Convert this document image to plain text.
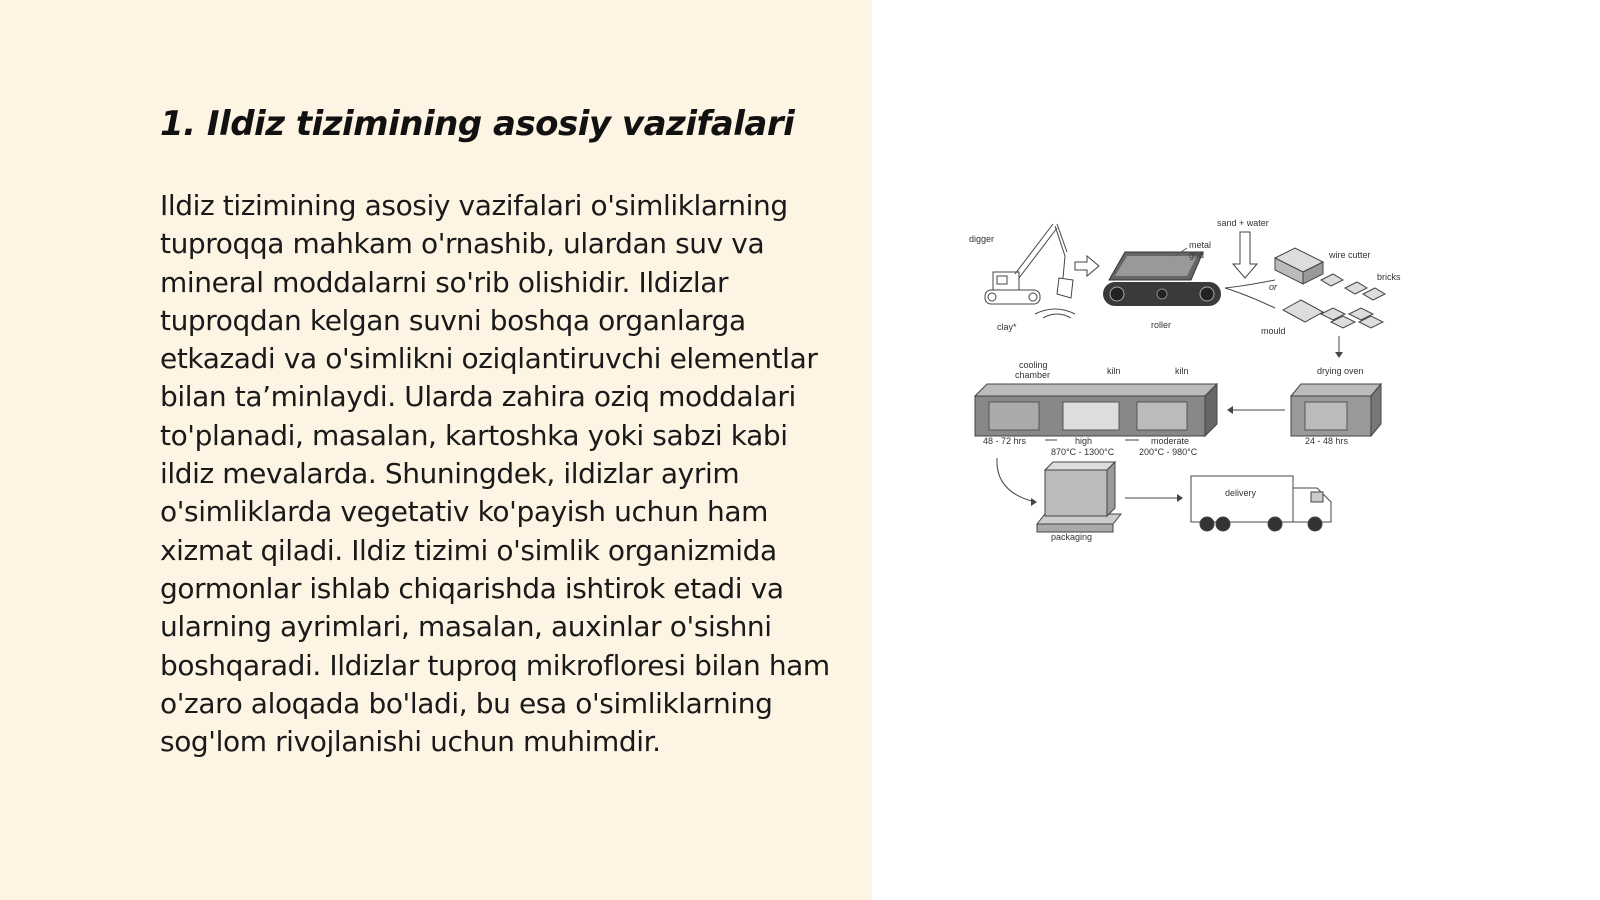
1. Ildiz tizimining asosiy vazifalari

Ildiz tizimining asosiy vazifalari o'simliklarning tuproqqa mahkam o'rnashib, ulardan suv va mineral moddalarni so'rib olishidir. Ildizlar tuproqdan kelgan suvni boshqa organlarga etkazadi va o'simlikni oziqlantiruvchi elementlar bilan ta’minlaydi. Ularda zahira oziq moddalari to'planadi, masalan, kartoshka yoki sabzi kabi ildiz mevalarda. Shuningdek, ildizlar ayrim o'simliklarda vegetativ ko'payish uchun ham xizmat qiladi. Ildiz tizimi o'simlik organizmida gormonlar ishlab chiqarishda ishtirok etadi va ularning ayrimlari, masalan, auxinlar o'sishni boshqaradi. Ildizlar tuproq mikrofloresi bilan ham o'zaro aloqada bo'ladi, bu esa o'simliklarning sog'lom rivojlanishi uchun muhimdir.

digger
clay*
metal
grid
roller
sand + water
or
wire cutter
bricks
mould
drying oven
24 - 48 hrs
cooling
chamber	kiln	kiln
48 - 72 hrs	high
870°C - 1300°C
moderate
200°C - 980°C
packaging
delivery
